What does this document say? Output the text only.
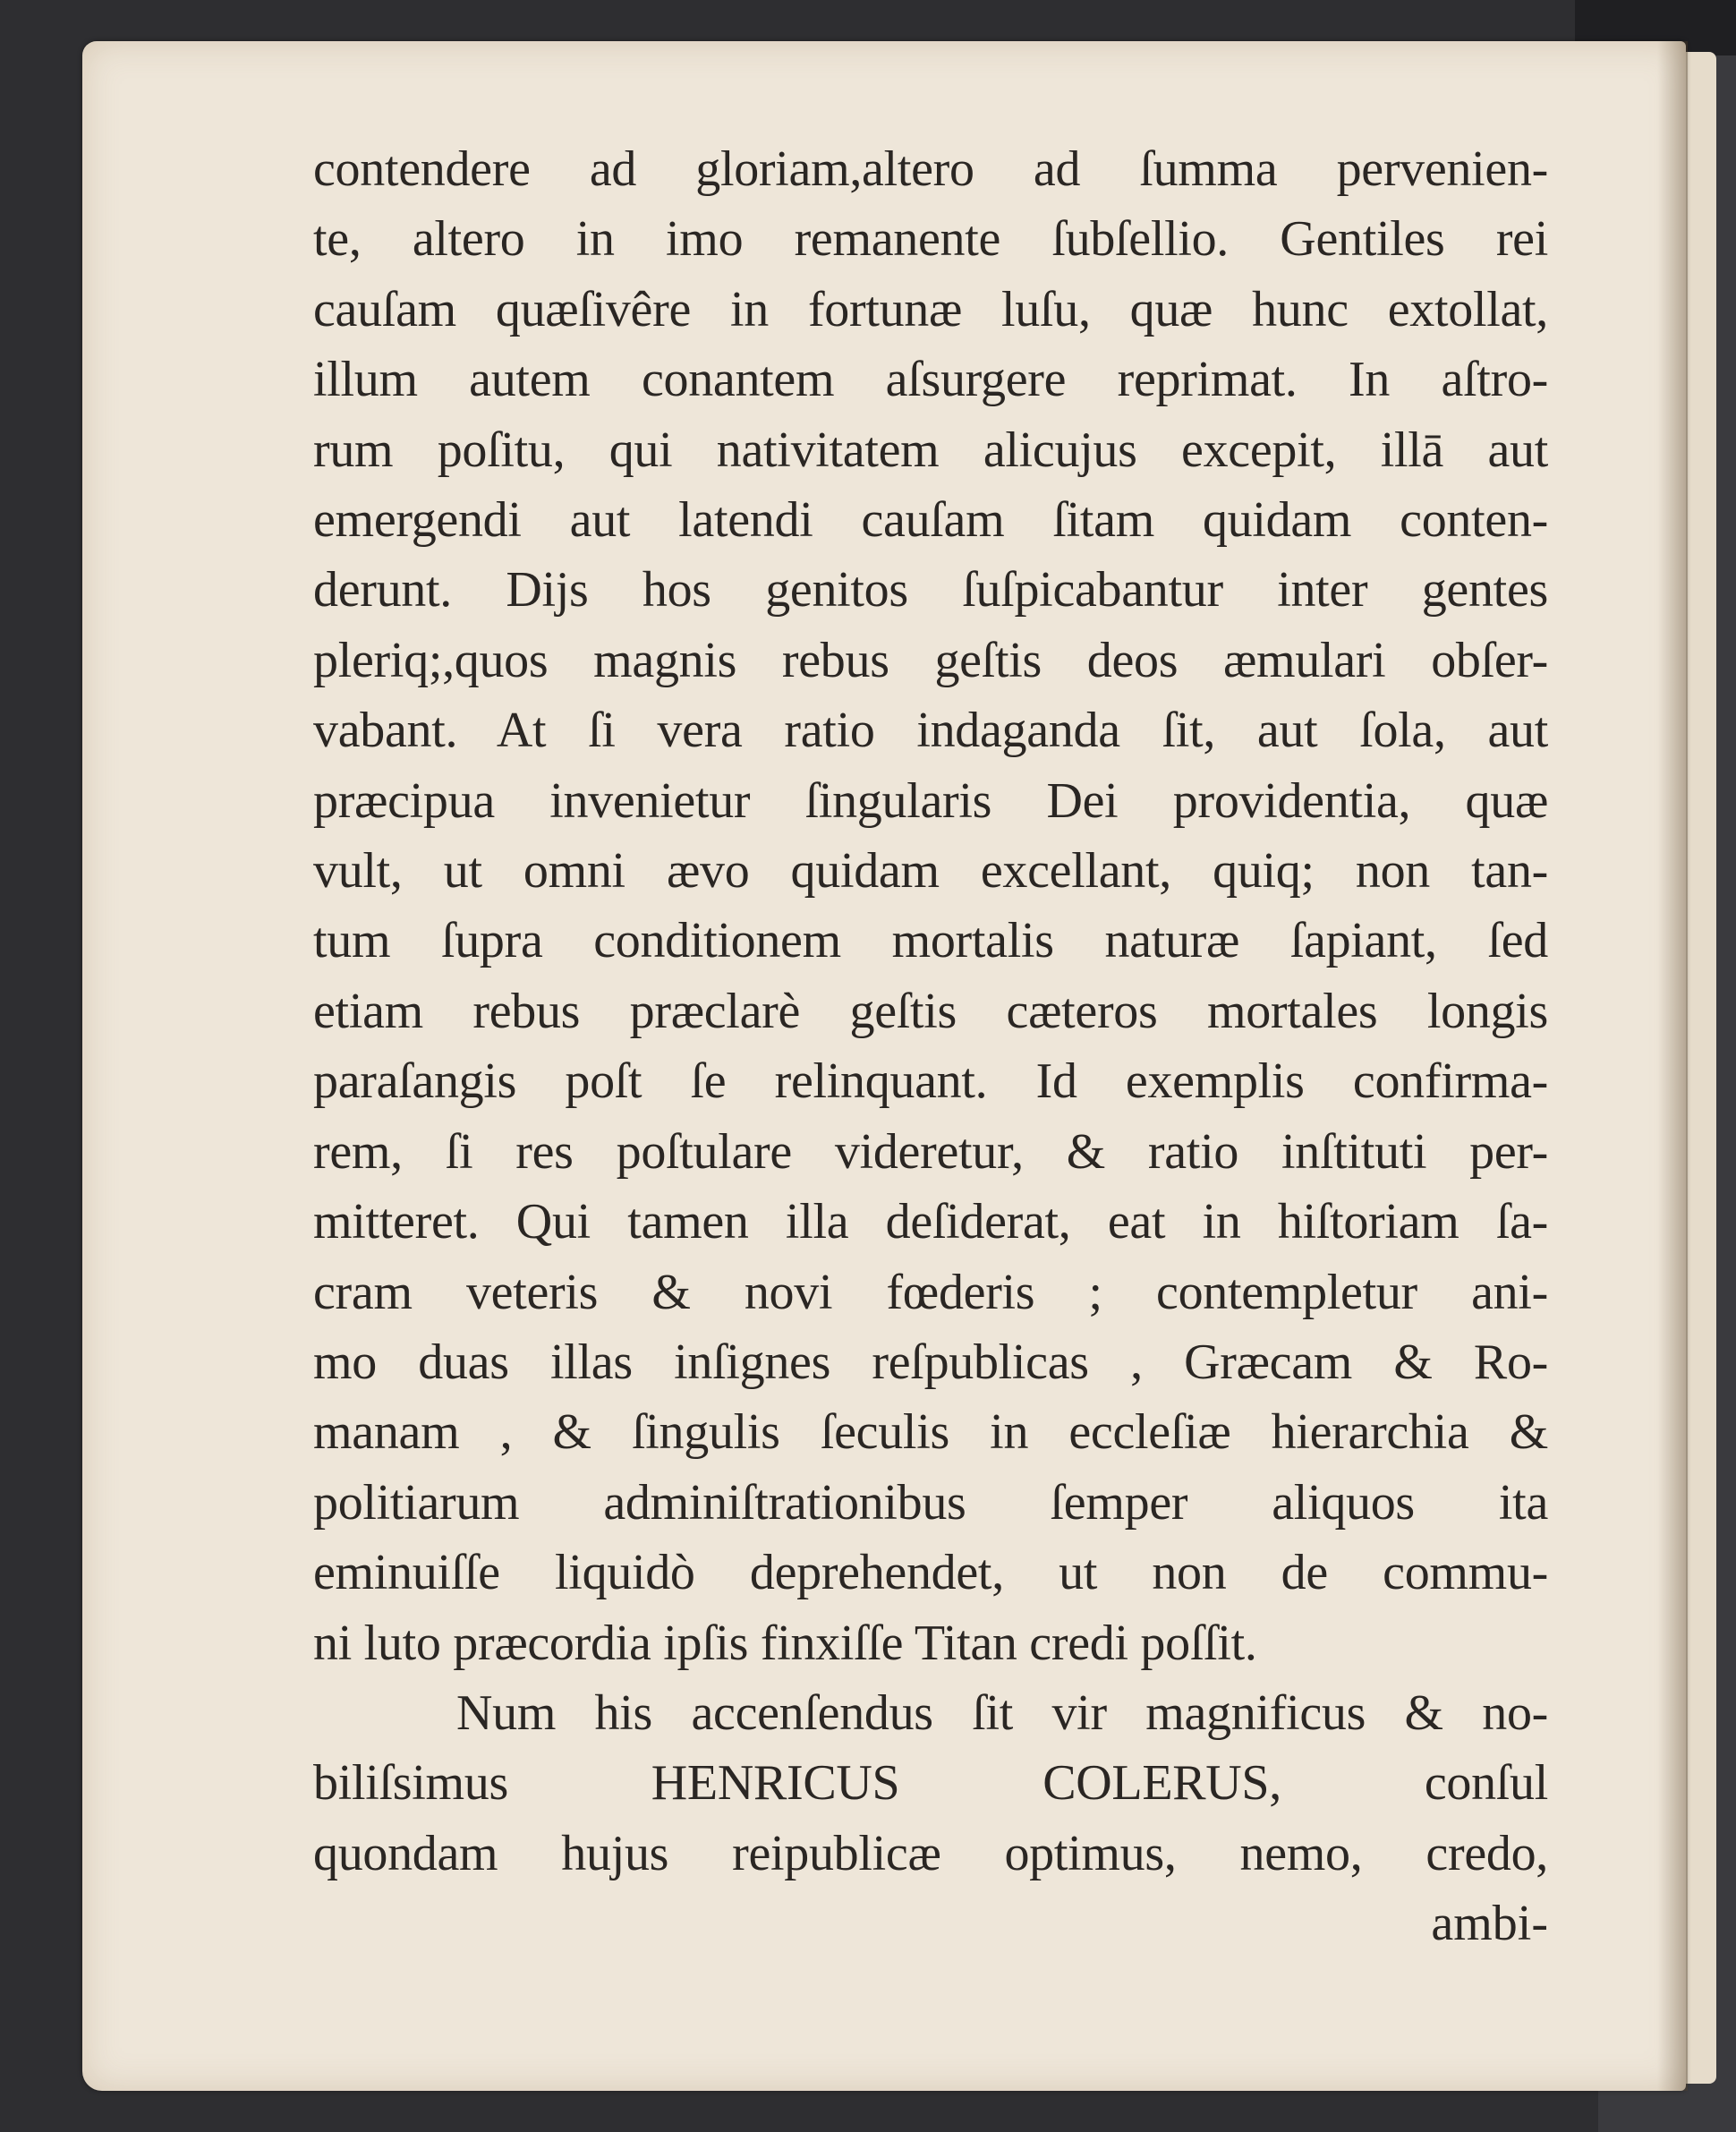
contendere ad gloriam,altero ad ſumma pervenien-
te, altero in imo remanente ſubſellio. Gentiles rei
cauſam quæſivêre in fortunæ luſu, quæ hunc extollat,
illum autem conantem aſsurgere reprimat. In aſtro-
rum poſitu, qui nativitatem alicujus excepit, illā aut
emergendi aut latendi cauſam ſitam quidam conten-
derunt. Dijs hos genitos ſuſpicabantur inter gentes
pleriq;,quos magnis rebus geſtis deos æmulari obſer-
vabant. At ſi vera ratio indaganda ſit, aut ſola, aut
præcipua invenietur ſingularis Dei providentia, quæ
vult, ut omni ævo quidam excellant, quiq; non tan-
tum ſupra conditionem mortalis naturæ ſapiant, ſed
etiam rebus præclarè geſtis cæteros mortales longis
paraſangis poſt ſe relinquant. Id exemplis confirma-
rem, ſi res poſtulare videretur, & ratio inſtituti per-
mitteret. Qui tamen illa deſiderat, eat in hiſtoriam ſa-
cram veteris & novi fœderis ; contempletur ani-
mo duas illas inſignes reſpublicas , Græcam & Ro-
manam , & ſingulis ſeculis in eccleſiæ hierarchia &
politiarum adminiſtrationibus ſemper aliquos ita
eminuiſſe liquidò deprehendet, ut non de commu-
ni luto præcordia ipſis finxiſſe Titan credi poſſit.
Num his accenſendus ſit vir magnificus & no-
biliſsimus HENRICUS COLERUS, conſul
quondam hujus reipublicæ optimus, nemo, credo,
ambi-
